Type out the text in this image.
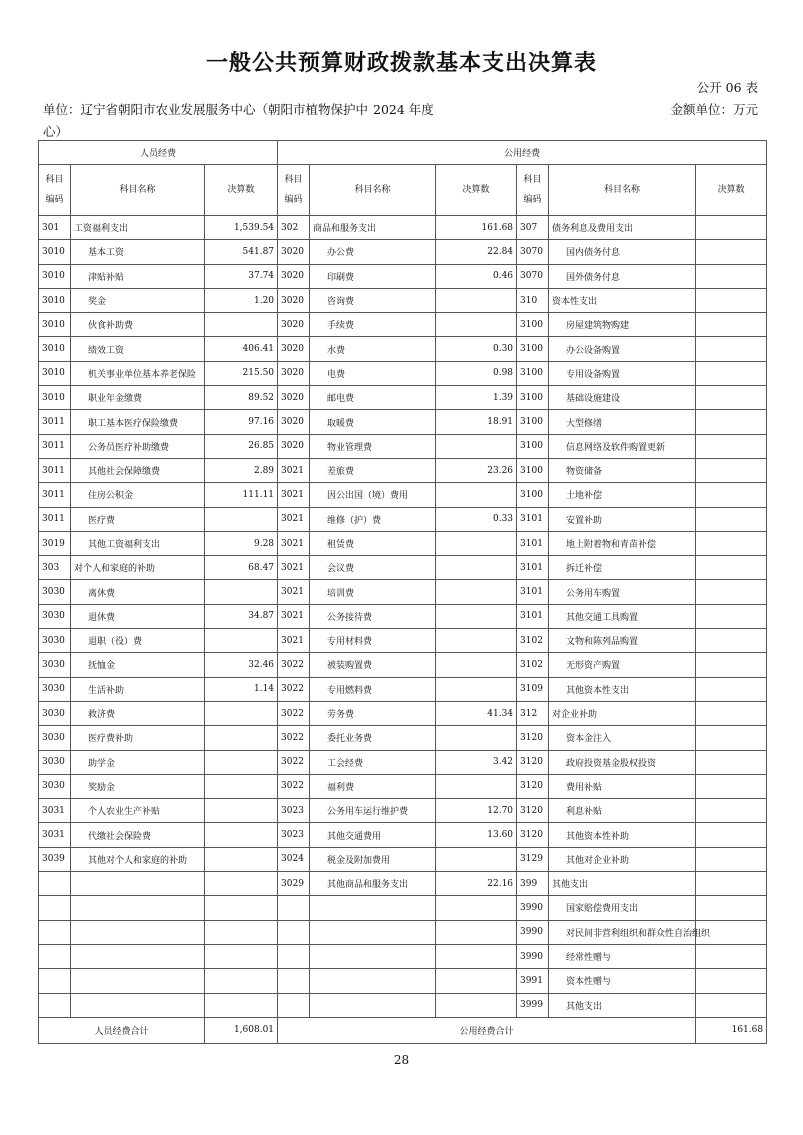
一般公共预算财政拨款基本支出决算表
公开 06 表
单位：辽宁省朝阳市农业发展服务中心（朝阳市植物保护中心）
2024 年度	金额单位：万元
人员经费			公用经费					
科目编码	科目名称	决算数	科目编码	科目名称	决算数	科目编码	科目名称	决算数
301	工资福利支出	1,539.54	302	商品和服务支出	161.68	307	债务利息及费用支出	
3010	基本工资	541.87	3020	办公费	22.84	3070	国内债务付息	
3010	津贴补贴	37.74	3020	印刷费	0.46	3070	国外债务付息	
3010	奖金	1.20	3020	咨询费		310	资本性支出	
3010	伙食补助费		3020	手续费		3100	房屋建筑物购建	
3010	绩效工资	406.41	3020	水费	0.30	3100	办公设备购置	
3010	机关事业单位基本养老保险	215.50	3020	电费	0.98	3100	专用设备购置	
3010	职业年金缴费	89.52	3020	邮电费	1.39	3100	基础设施建设	
3011	职工基本医疗保险缴费	97.16	3020	取暖费	18.91	3100	大型修缮	
3011	公务员医疗补助缴费	26.85	3020	物业管理费		3100	信息网络及软件购置更新	
3011	其他社会保障缴费	2.89	3021	差旅费	23.26	3100	物资储备	
3011	住房公积金	111.11	3021	因公出国（境）费用		3100	土地补偿	
3011	医疗费		3021	维修（护）费	0.33	3101	安置补助	
3019	其他工资福利支出	9.28	3021	租赁费		3101	地上附着物和青苗补偿	
303	对个人和家庭的补助	68.47	3021	会议费		3101	拆迁补偿	
3030	离休费		3021	培训费		3101	公务用车购置	
3030	退休费	34.87	3021	公务接待费		3101	其他交通工具购置	
3030	退职（役）费		3021	专用材料费		3102	文物和陈列品购置	
3030	抚恤金	32.46	3022	被装购置费		3102	无形资产购置	
3030	生活补助	1.14	3022	专用燃料费		3109	其他资本性支出	
3030	救济费		3022	劳务费	41.34	312	对企业补助	
3030	医疗费补助		3022	委托业务费		3120	资本金注入	
3030	助学金		3022	工会经费	3.42	3120	政府投资基金股权投资	
3030	奖励金		3022	福利费		3120	费用补贴	
3031	个人农业生产补贴		3023	公务用车运行维护费	12.70	3120	利息补贴	
3031	代缴社会保险费		3023	其他交通费用	13.60	3120	其他资本性补助	
3039	其他对个人和家庭的补助		3024	税金及附加费用		3129	其他对企业补助	
			3029	其他商品和服务支出	22.16	399	其他支出	
						3990	国家赔偿费用支出	
						3990	对民间非营利组织和群众性自治组织	
						3990	经常性赠与	
						3991	资本性赠与	
						3999	其他支出	
人员经费合计		1,608.01	公用经费合计					161.68
28
